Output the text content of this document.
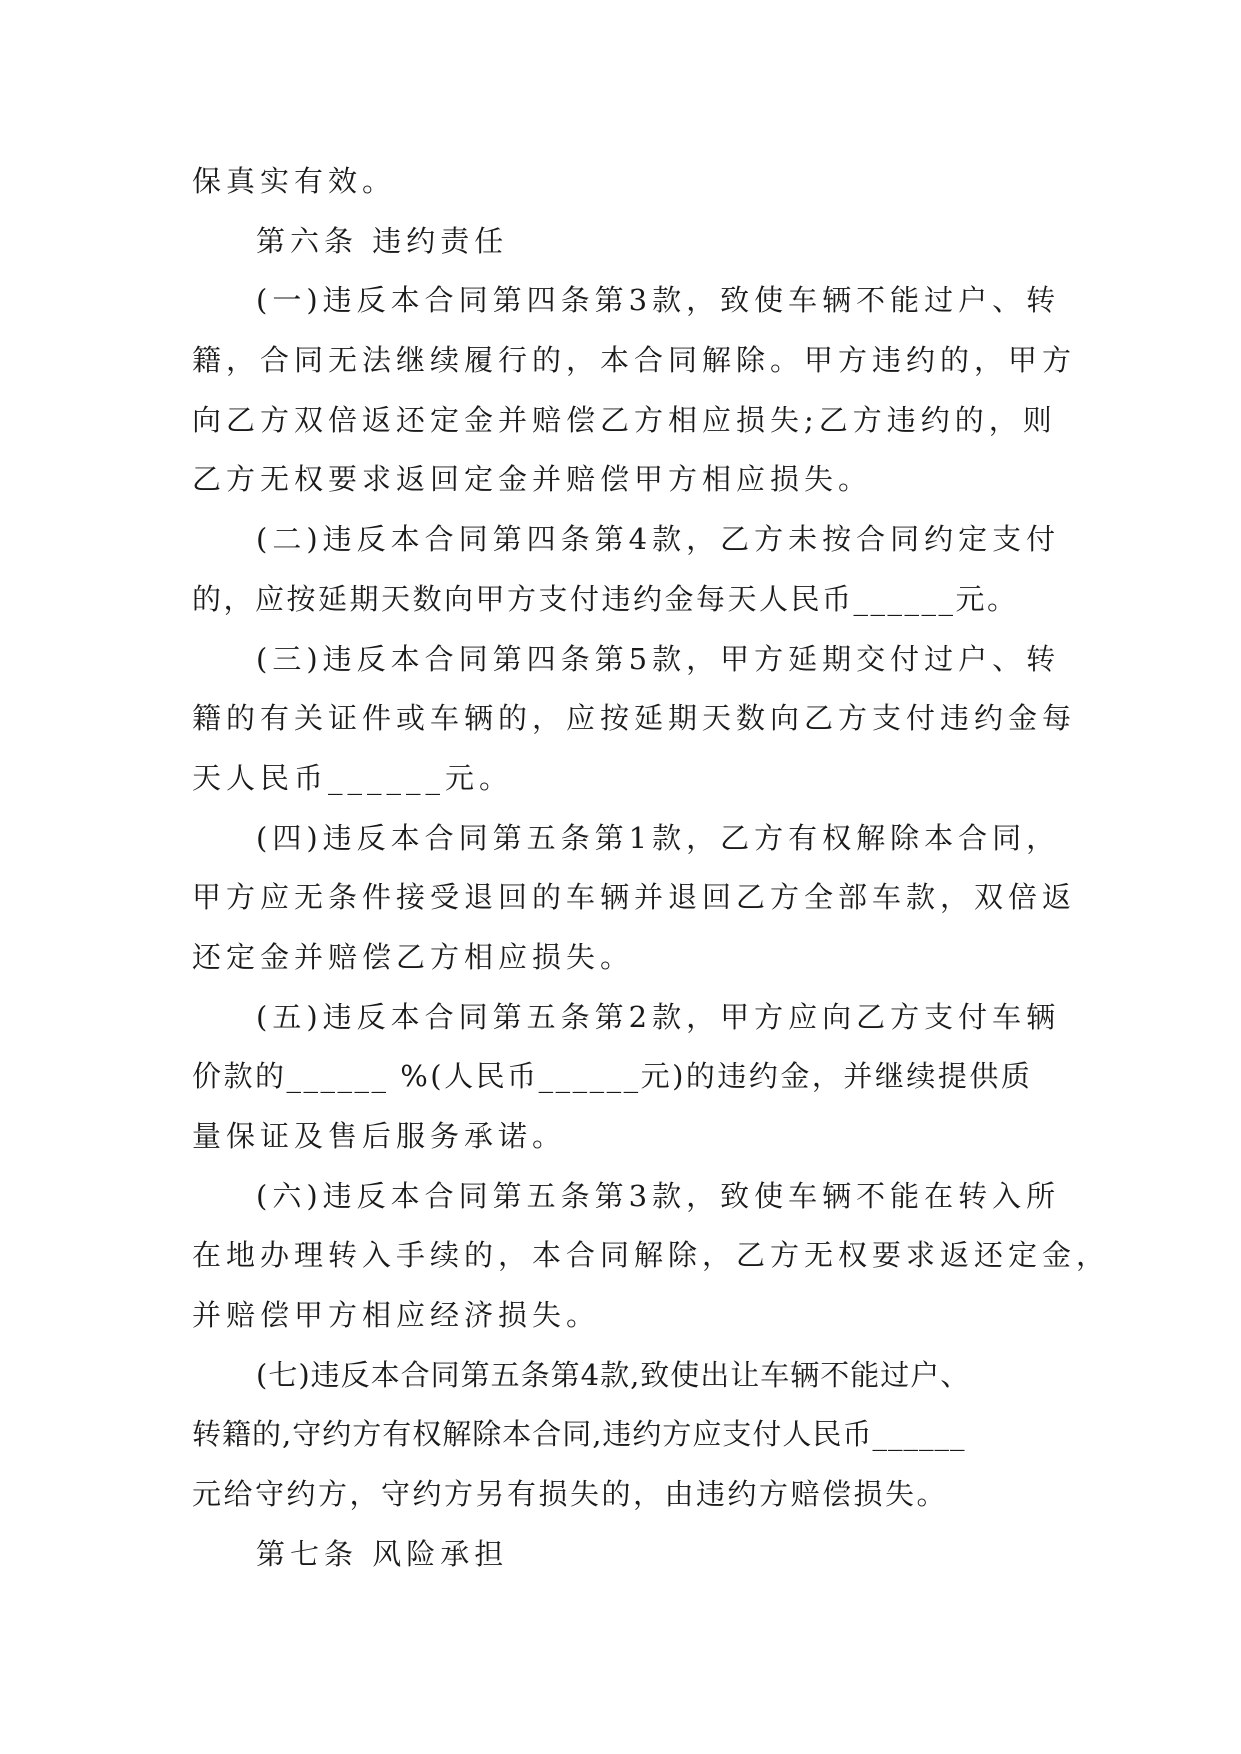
保真实有效。
第六条 违约责任
(一)违反本合同第四条第3款，致使车辆不能过户、转
籍，合同无法继续履行的，本合同解除。甲方违约的，甲方
向乙方双倍返还定金并赔偿乙方相应损失;乙方违约的，则
乙方无权要求返回定金并赔偿甲方相应损失。
(二)违反本合同第四条第4款，乙方未按合同约定支付
的，应按延期天数向甲方支付违约金每天人民币______元。
(三)违反本合同第四条第5款，甲方延期交付过户、转
籍的有关证件或车辆的，应按延期天数向乙方支付违约金每
天人民币______元。
(四)违反本合同第五条第1款，乙方有权解除本合同，
甲方应无条件接受退回的车辆并退回乙方全部车款，双倍返
还定金并赔偿乙方相应损失。
(五)违反本合同第五条第2款，甲方应向乙方支付车辆
价款的______ %(人民币______元)的违约金，并继续提供质
量保证及售后服务承诺。
(六)违反本合同第五条第3款，致使车辆不能在转入所
在地办理转入手续的，本合同解除，乙方无权要求返还定金，
并赔偿甲方相应经济损失。
(七)违反本合同第五条第4款,致使出让车辆不能过户、
转籍的,守约方有权解除本合同,违约方应支付人民币______
元给守约方，守约方另有损失的，由违约方赔偿损失。
第七条 风险承担
